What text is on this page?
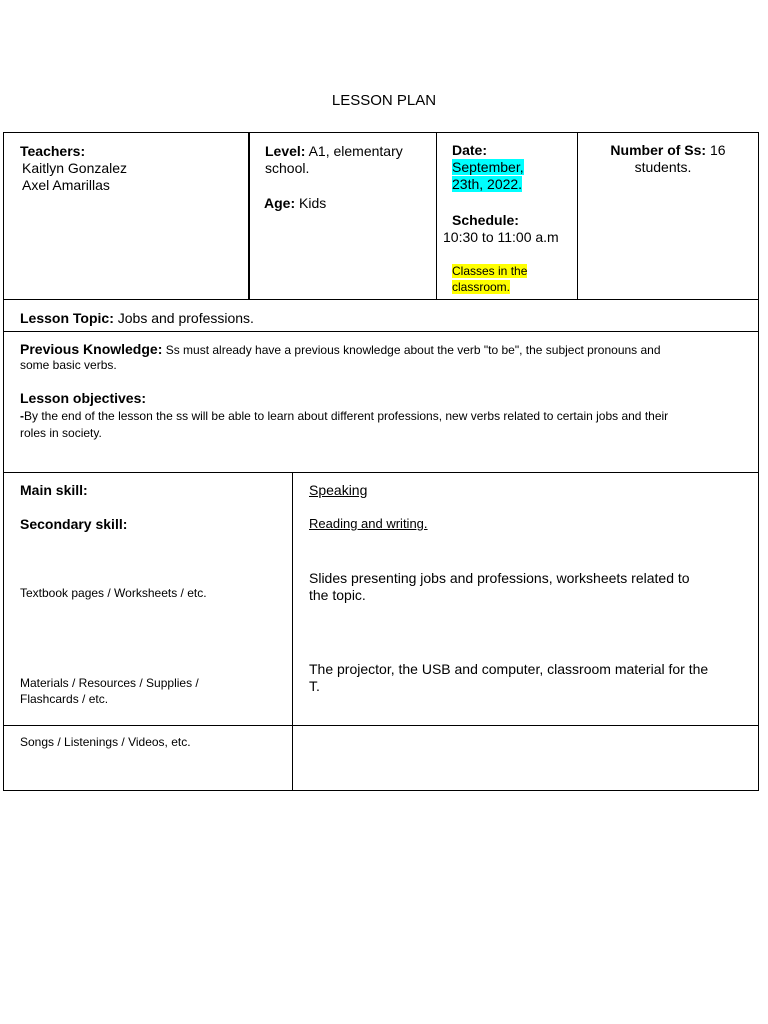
LESSON PLAN
Teachers:
Kaitlyn Gonzalez
Axel Amarillas
Level: A1, elementary
school.
Age: Kids
Date:
September,
23th, 2022.
Schedule:
10:30 to 11:00 a.m
Classes in the
classroom.
Number of Ss: 16
students.
Lesson Topic: Jobs and professions.
Previous Knowledge: Ss must already have a previous knowledge about the verb "to be", the subject pronouns and
some basic verbs.
Lesson objectives:
-By the end of the lesson the ss will be able to learn about different professions, new verbs related to certain jobs and their
roles in society.
Main skill:	Speaking
Secondary skill:	Reading and writing.
Textbook pages / Worksheets / etc.
Slides presenting jobs and professions, worksheets related to
the topic.
Materials / Resources / Supplies /
Flashcards / etc.
The projector, the USB and computer, classroom material for the
T.
Songs / Listenings / Videos, etc.
